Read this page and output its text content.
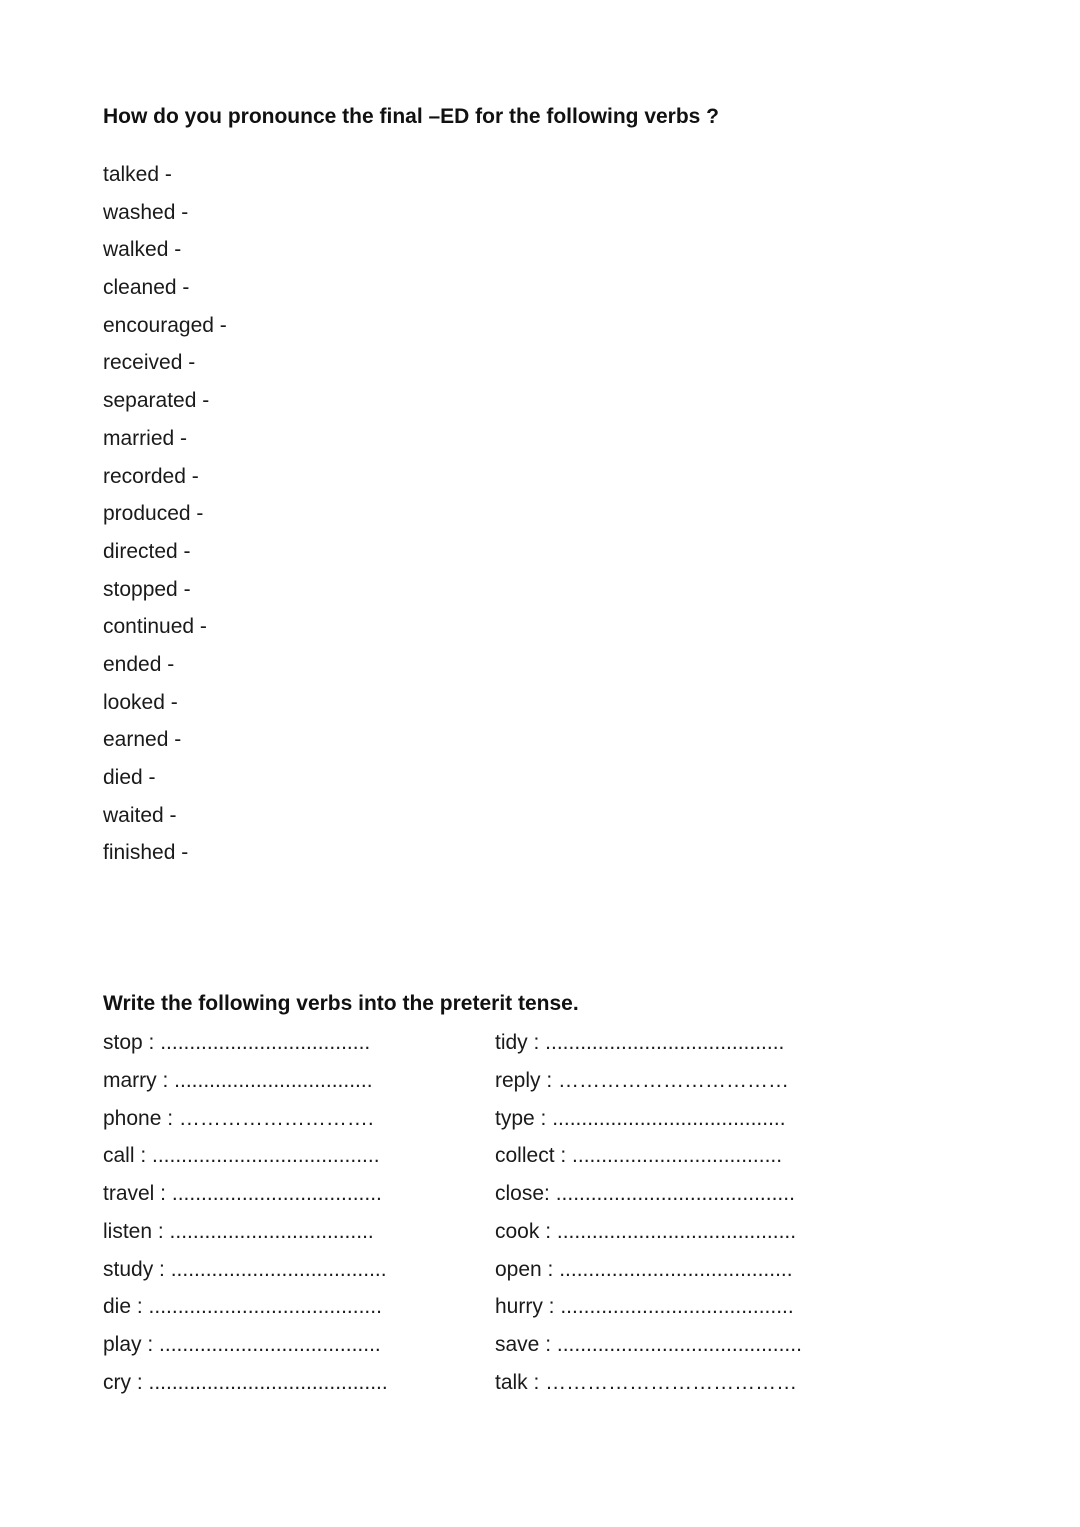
How do you pronounce the final –ED for the following verbs ?
talked -
washed -
walked -
cleaned -
encouraged -
received -
separated -
married -
recorded -
produced -
directed -
stopped -
continued -
ended -
looked -
earned -
died -
waited -
finished -
Write the following verbs into the preterit tense.
stop : ....................................
marry : ..................................
phone : ……………………….
call : .......................................
travel : ....................................
listen : ...................................
study : .....................................
die : ........................................
play : ......................................
cry : .........................................
tidy : .........................................
reply : ……………………………
type : ........................................
collect : ....................................
close: .........................................
cook : .........................................
open : ........................................
hurry : ........................................
save : ..........................................
talk : ………………………………
